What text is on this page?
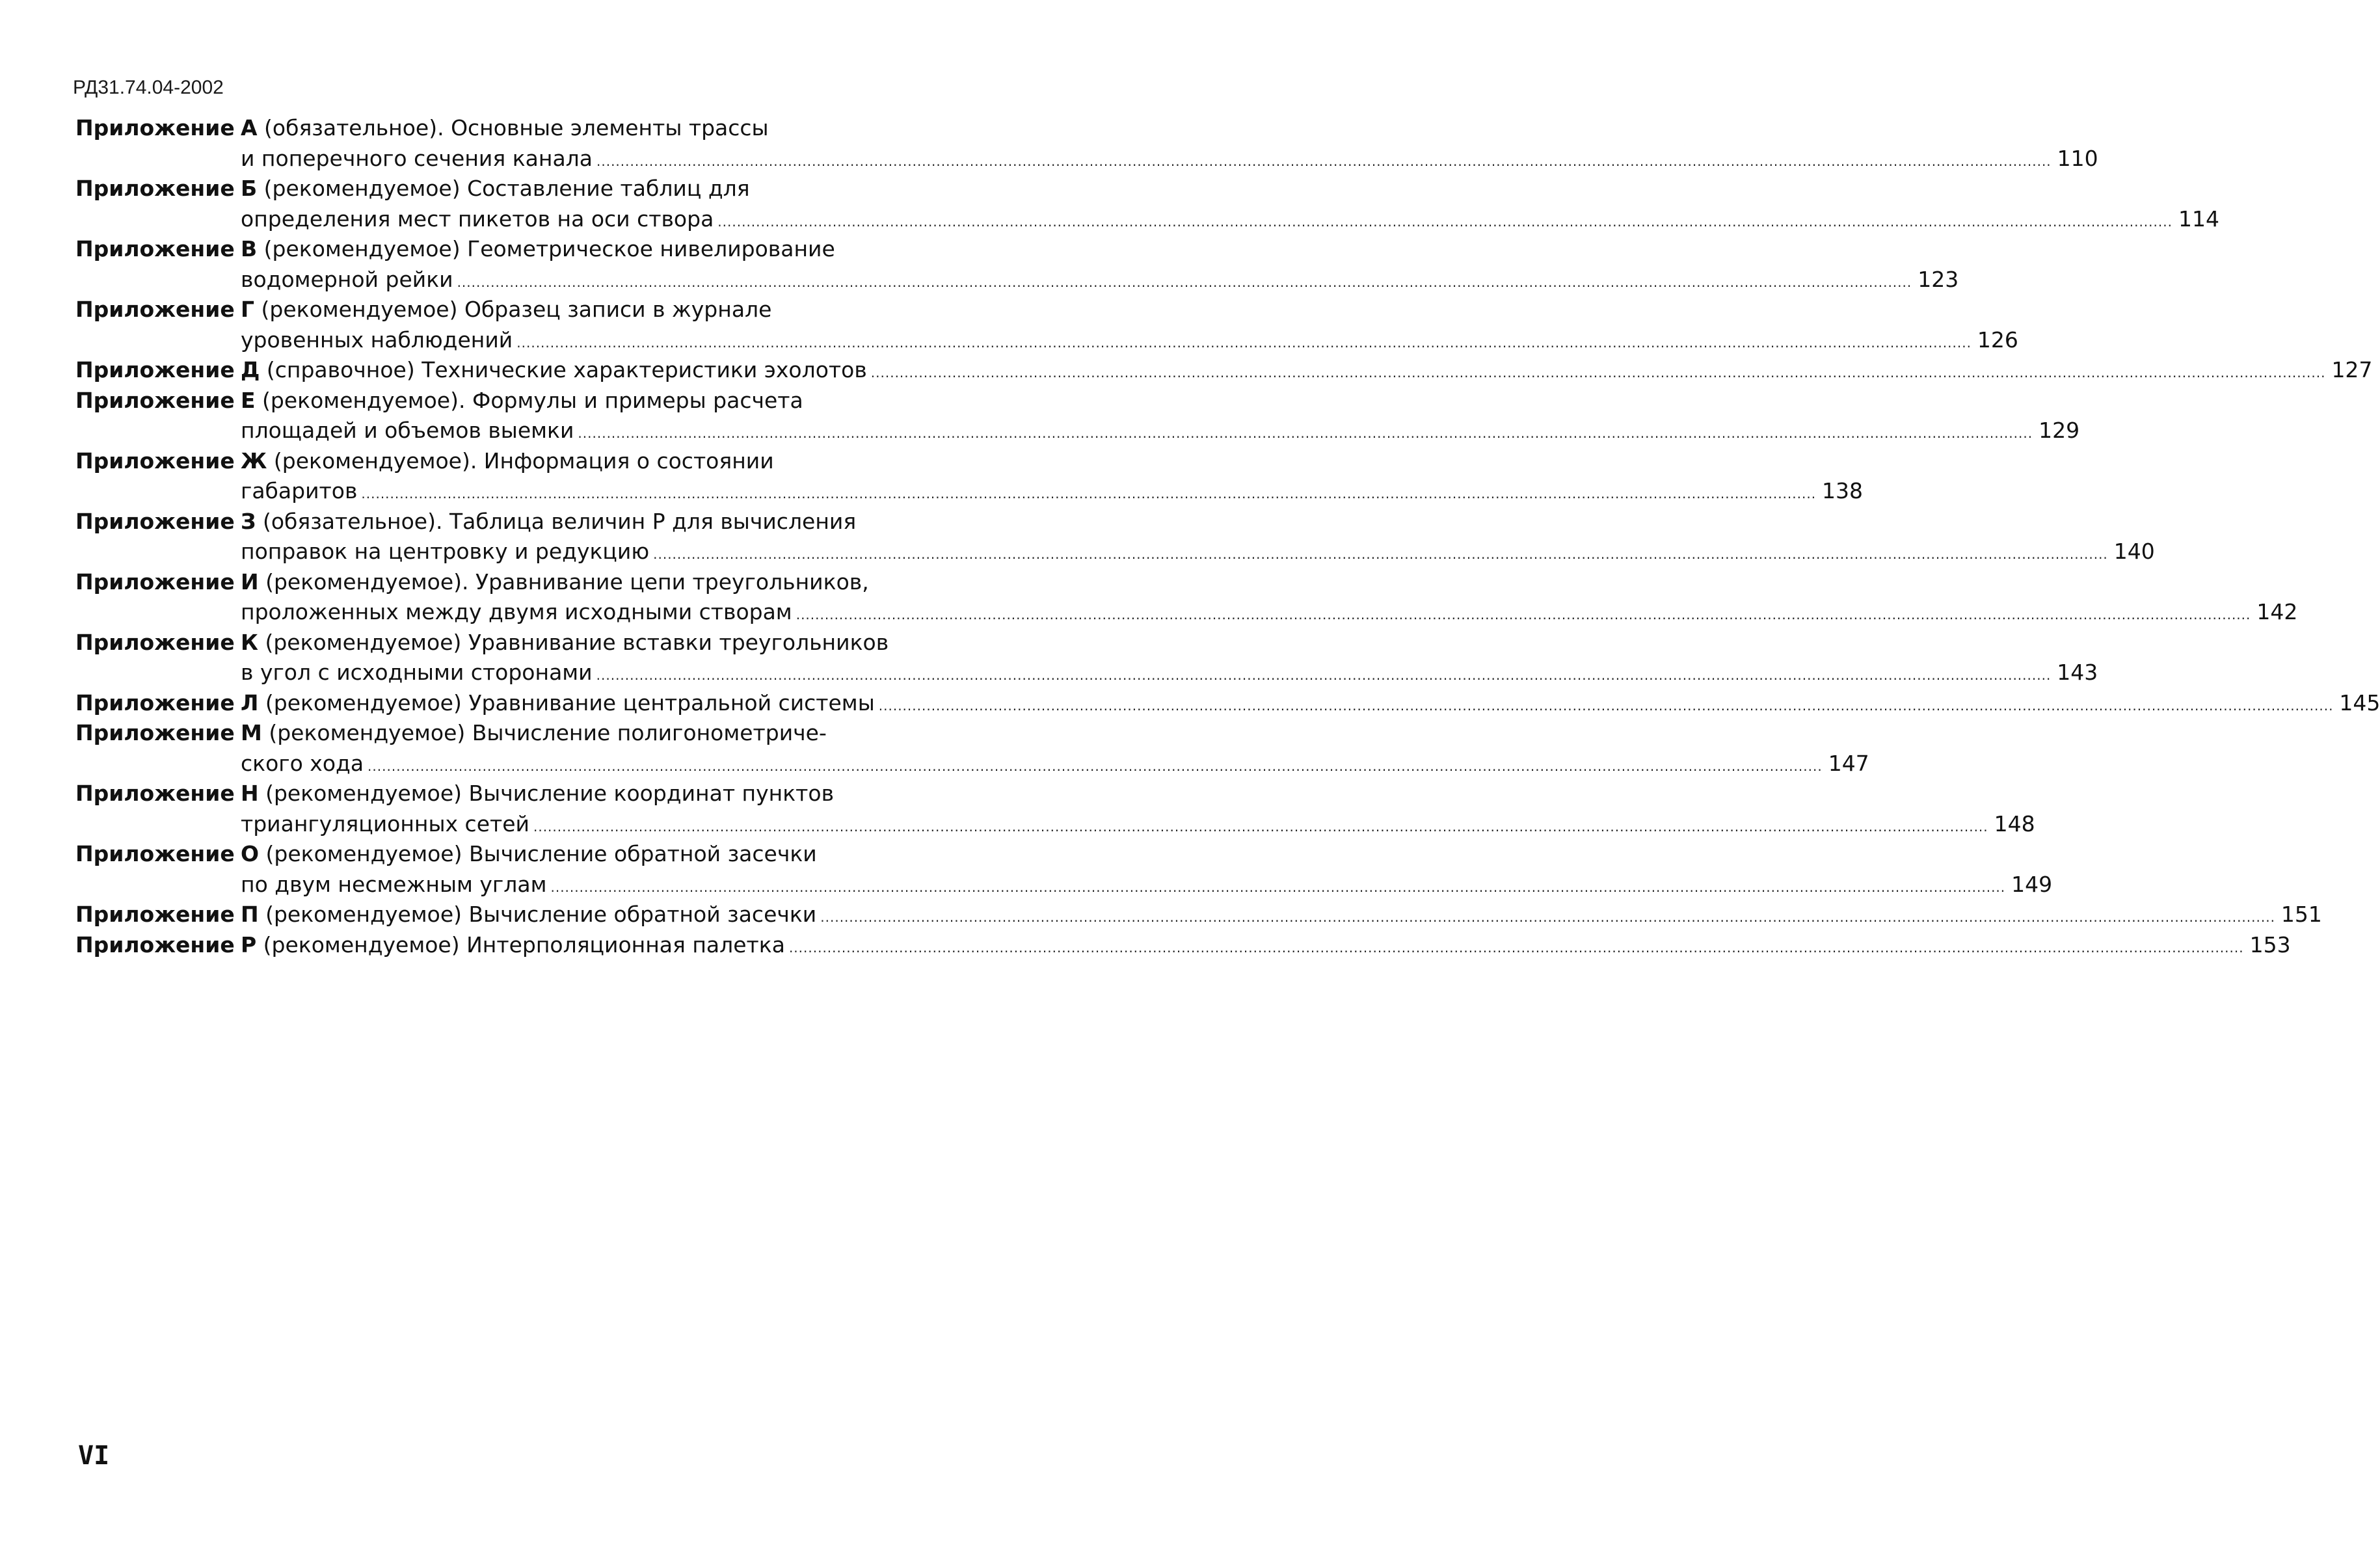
РД31.74.04-2002
Приложение А (обязательное). Основные элементы трассы
и поперечного сечения канала .....	110
Приложение Б (рекомендуемое) Составление таблиц для
определения мест пикетов на оси створа .....	114
Приложение В (рекомендуемое) Геометрическое нивелирование
водомерной рейки .....	123
Приложение Г (рекомендуемое) Образец записи в журнале
уровенных наблюдений .....	126
Приложение Д (справочное) Технические характеристики эхолотов .....	127
Приложение Е (рекомендуемое). Формулы и примеры расчета
площадей и объемов выемки .....	129
Приложение Ж (рекомендуемое). Информация о состоянии
габаритов .....	138
Приложение З (обязательное). Таблица величин Р для вычисления
поправок на центровку и редукцию .....	140
Приложение И (рекомендуемое). Уравнивание цепи треугольников,
проложенных между двумя исходными створам .....	142
Приложение К (рекомендуемое) Уравнивание вставки треугольников
в угол с исходными сторонами .....	143
Приложение Л (рекомендуемое) Уравнивание центральной системы .....	145
Приложение М (рекомендуемое) Вычисление полигонометриче-
ского хода .....	147
Приложение Н (рекомендуемое) Вычисление координат пунктов
триангуляционных сетей .....	148
Приложение О (рекомендуемое) Вычисление обратной засечки
по двум несмежным углам .....	149
Приложение П (рекомендуемое) Вычисление обратной засечки .....	151
Приложение Р (рекомендуемое) Интерполяционная палетка .....	153
VI
